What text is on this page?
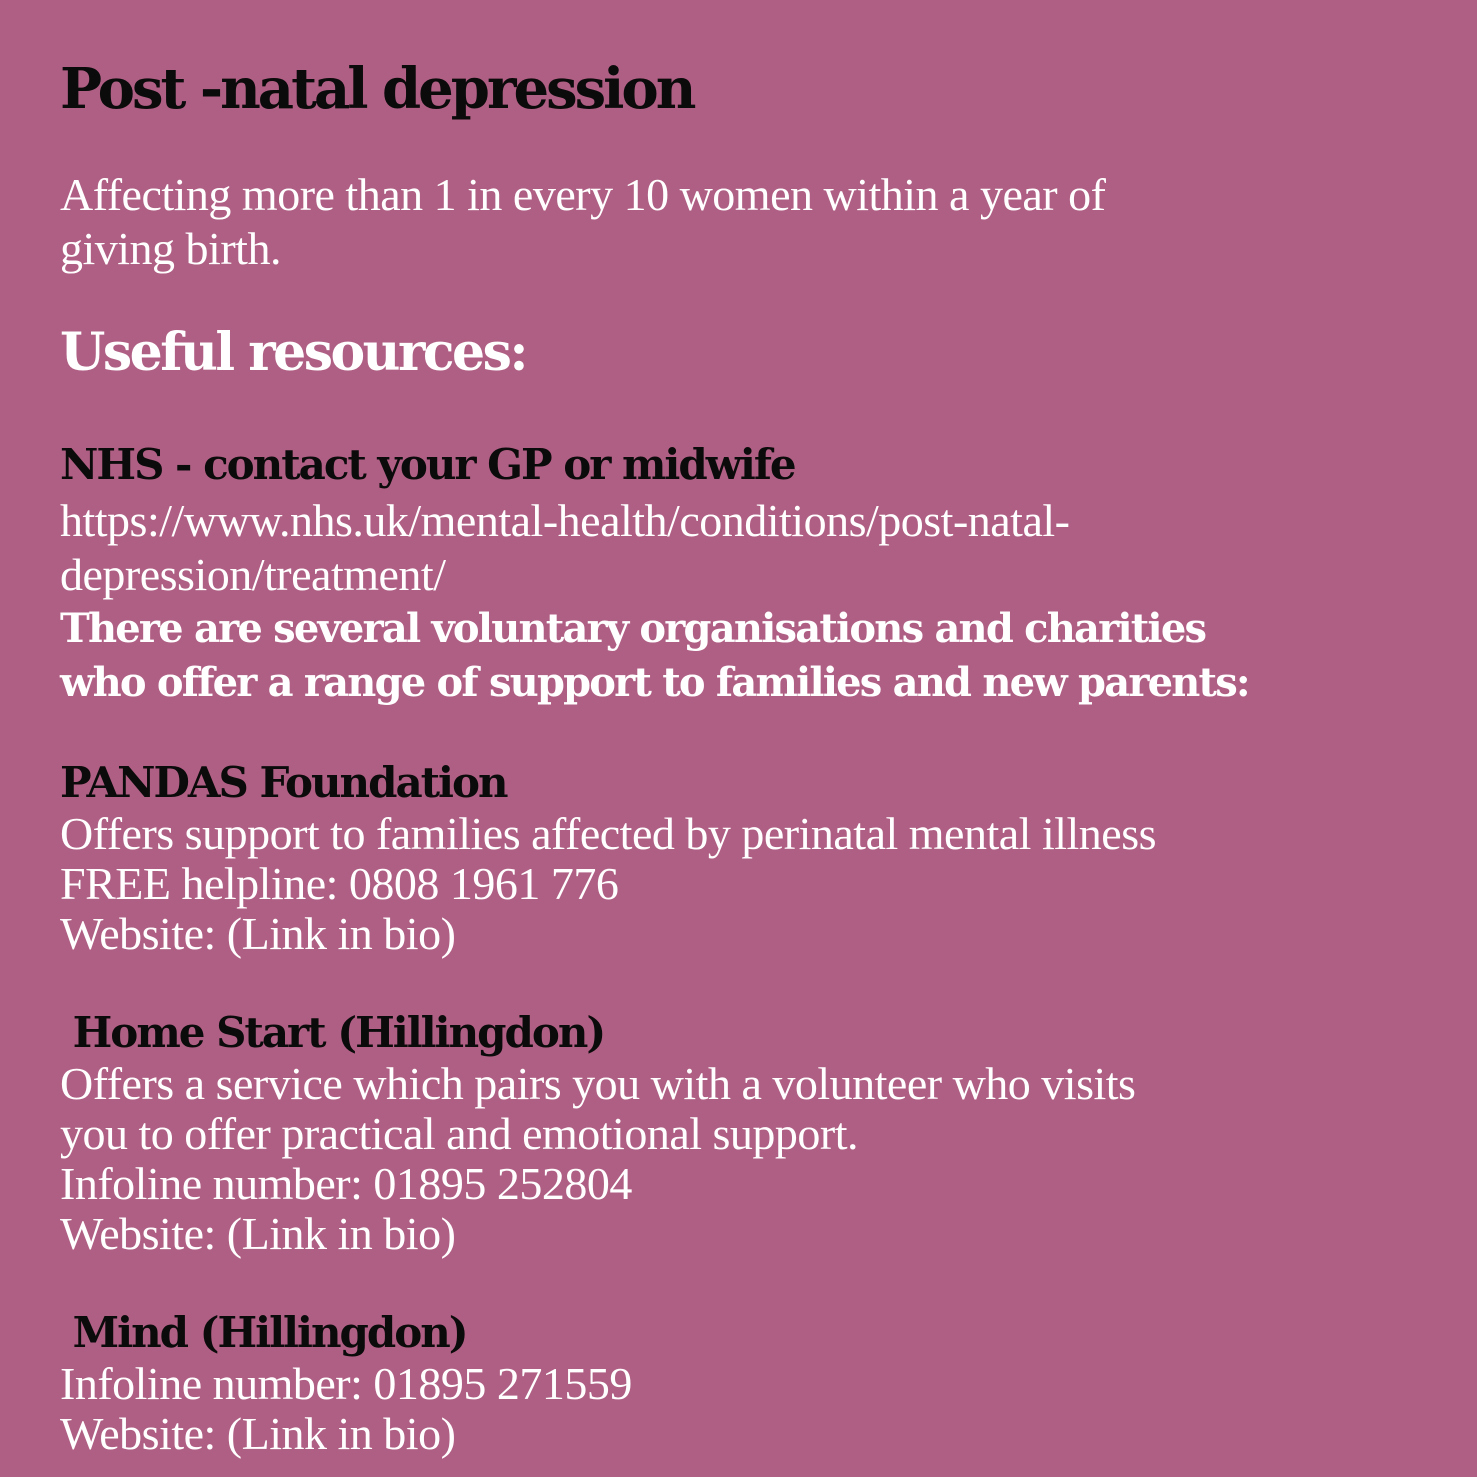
Post -natal depression
Affecting more than 1 in every 10 women within a year of
giving birth.
Useful resources:
NHS - contact your GP or midwife
https://www.nhs.uk/mental-health/conditions/post-natal-
depression/treatment/
There are several voluntary organisations and charities
who offer a range of support to families and new parents:
PANDAS Foundation
Offers support to families affected by perinatal mental illness
FREE helpline: 0808 1961 776
Website: (Link in bio)
Home Start (Hillingdon)
Offers a service which pairs you with a volunteer who visits
you to offer practical and emotional support.
Infoline number: 01895 252804
Website: (Link in bio)
Mind (Hillingdon)
Infoline number: 01895 271559
Website: (Link in bio)
